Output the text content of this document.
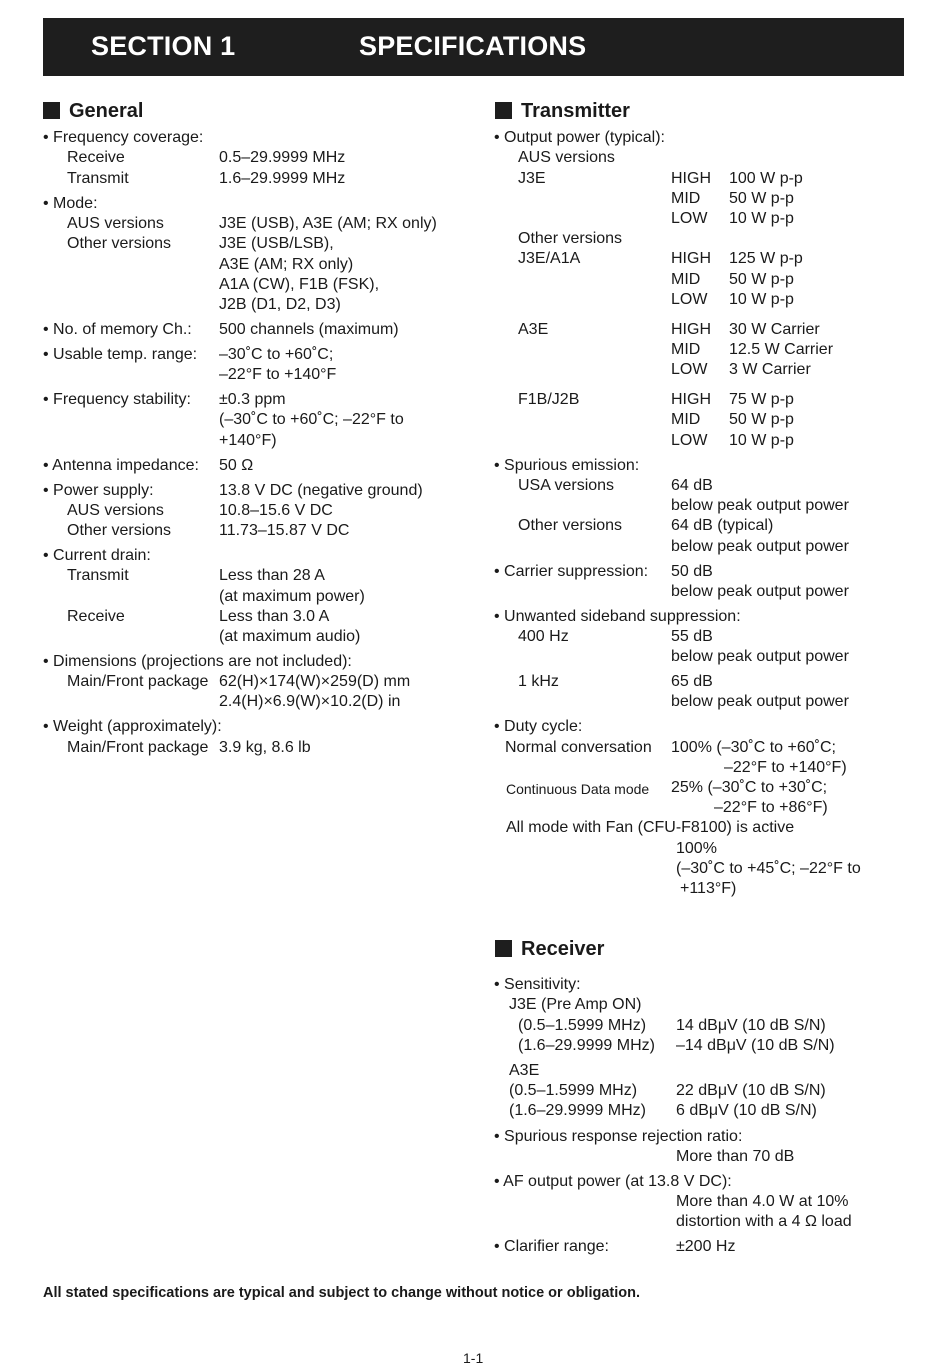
SECTION 1	SPECIFICATIONS
General	Transmitter
Receiver
• Frequency coverage:
Receive	0.5–29.9999 MHz
Transmit	1.6–29.9999 MHz
• Mode:
AUS versions	J3E (USB), A3E (AM; RX only)
Other versions	J3E (USB/LSB),
A3E (AM; RX only)
A1A (CW), F1B (FSK),
J2B (D1, D2, D3)
• No. of memory Ch.: 500 channels (maximum)
• Usable temp. range: –30˚C to +60˚C;
–22°F to +140°F
• Frequency stability: ±0.3 ppm
(–30˚C to +60˚C; –22°F to
+140°F)
• Antenna impedance: 50 Ω
• Power supply:	13.8 V DC (negative ground)
AUS versions	10.8–15.6 V DC
Other versions	11.73–15.87 V DC
• Current drain:
Transmit	Less than 28 A
(at maximum power)
Receive	Less than 3.0 A
(at maximum audio)
• Dimensions (projections are not included):
Main/Front package 62(H)×174(W)×259(D) mm
2.4(H)×6.9(W)×10.2(D) in
• Weight (approximately):
Main/Front package 3.9 kg, 8.6 lb
• Output power (typical):
AUS versions
J3E	HIGH 100 W p-p
MID 50 W p-p
LOW 10 W p-p
Other versions
J3E/A1A	HIGH 125 W p-p
MID 50 W p-p
LOW 10 W p-p
A3E	HIGH 30 W Carrier
MID 12.5 W Carrier
LOW 3 W Carrier
F1B/J2B	HIGH 75 W p-p
MID 50 W p-p
LOW 10 W p-p
• Spurious emission:
USA versions	64 dB
below peak output power
Other versions	64 dB (typical)
below peak output power
• Carrier suppression: 50 dB
below peak output power
• Unwanted sideband suppression:
400 Hz	55 dB
below peak output power
1 kHz	65 dB
below peak output power
• Duty cycle:
Normal conversation 100% (–30˚C to +60˚C;
–22°F to +140°F)
Continuous Data mode 25% (–30˚C to +30˚C;
–22°F to +86°F)
All mode with Fan (CFU-F8100) is active
100%
(–30˚C to +45˚C; –22°F to
+113°F)
• Sensitivity:
J3E (Pre Amp ON)
(0.5–1.5999 MHz) 14 dBμV (10 dB S/N)
(1.6–29.9999 MHz) –14 dBμV (10 dB S/N)
A3E
(0.5–1.5999 MHz) 22 dBμV (10 dB S/N)
(1.6–29.9999 MHz) 6 dBμV (10 dB S/N)
• Spurious response rejection ratio:
More than 70 dB
• AF output power (at 13.8 V DC):
More than 4.0 W at 10%
distortion with a 4 Ω load
• Clarifier range:	±200 Hz
All stated specifications are typical and subject to change without notice or obligation.
1-1
